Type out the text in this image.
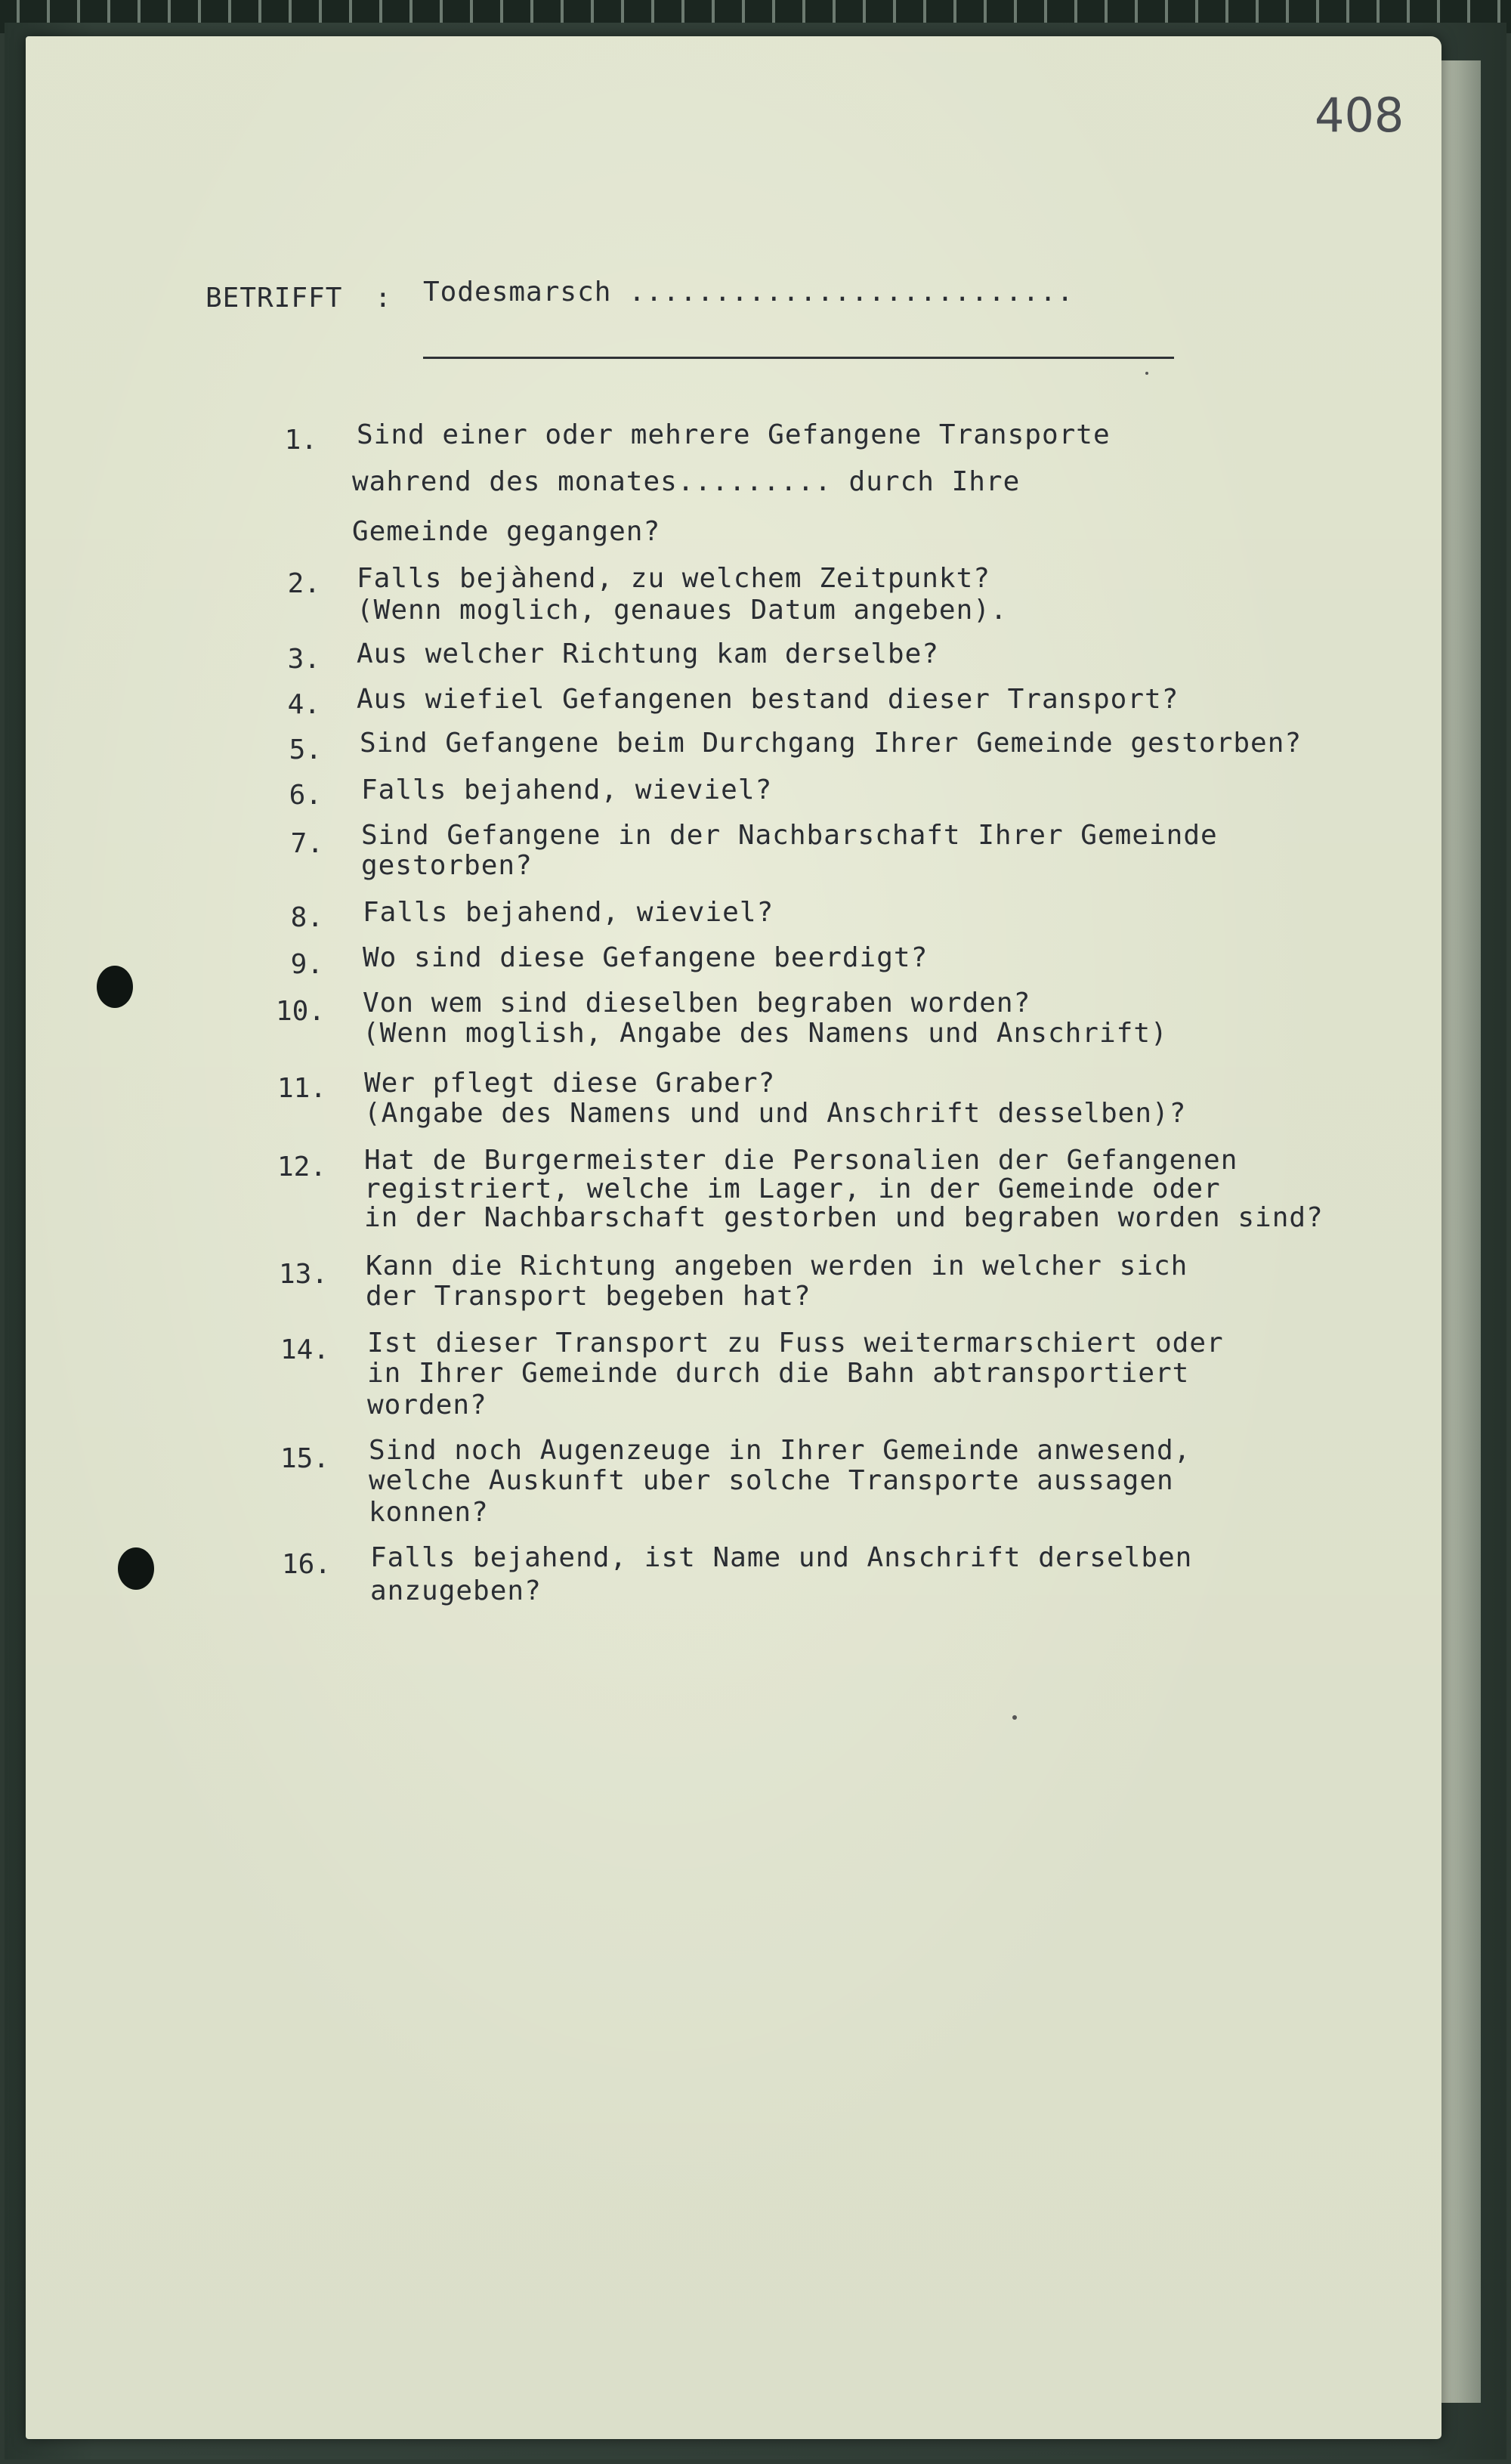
408
BETRIFFT : Todesmarsch ..........................
1. Sind einer oder mehrere Gefangene Transporte
wahrend des monates......... durch Ihre
Gemeinde gegangen?
2. Falls bejàhend, zu welchem Zeitpunkt?
(Wenn moglich, genaues Datum angeben).
3. Aus welcher Richtung kam derselbe?
4. Aus wiefiel Gefangenen bestand dieser Transport?
5. Sind Gefangene beim Durchgang Ihrer Gemeinde gestorben?
6. Falls bejahend, wieviel?
7. Sind Gefangene in der Nachbarschaft Ihrer Gemeinde
gestorben?
8. Falls bejahend, wieviel?
9. Wo sind diese Gefangene beerdigt?
10. Von wem sind dieselben begraben worden?
(Wenn moglish, Angabe des Namens und Anschrift)
11. Wer pflegt diese Graber?
(Angabe des Namens und und Anschrift desselben)?
12. Hat de Burgermeister die Personalien der Gefangenen
registriert, welche im Lager, in der Gemeinde oder
in der Nachbarschaft gestorben und begraben worden sind?
13. Kann die Richtung angeben werden in welcher sich
der Transport begeben hat?
14. Ist dieser Transport zu Fuss weitermarschiert oder
in Ihrer Gemeinde durch die Bahn abtransportiert
worden?
15. Sind noch Augenzeuge in Ihrer Gemeinde anwesend,
welche Auskunft uber solche Transporte aussagen
konnen?
16. Falls bejahend, ist Name und Anschrift derselben
anzugeben?
